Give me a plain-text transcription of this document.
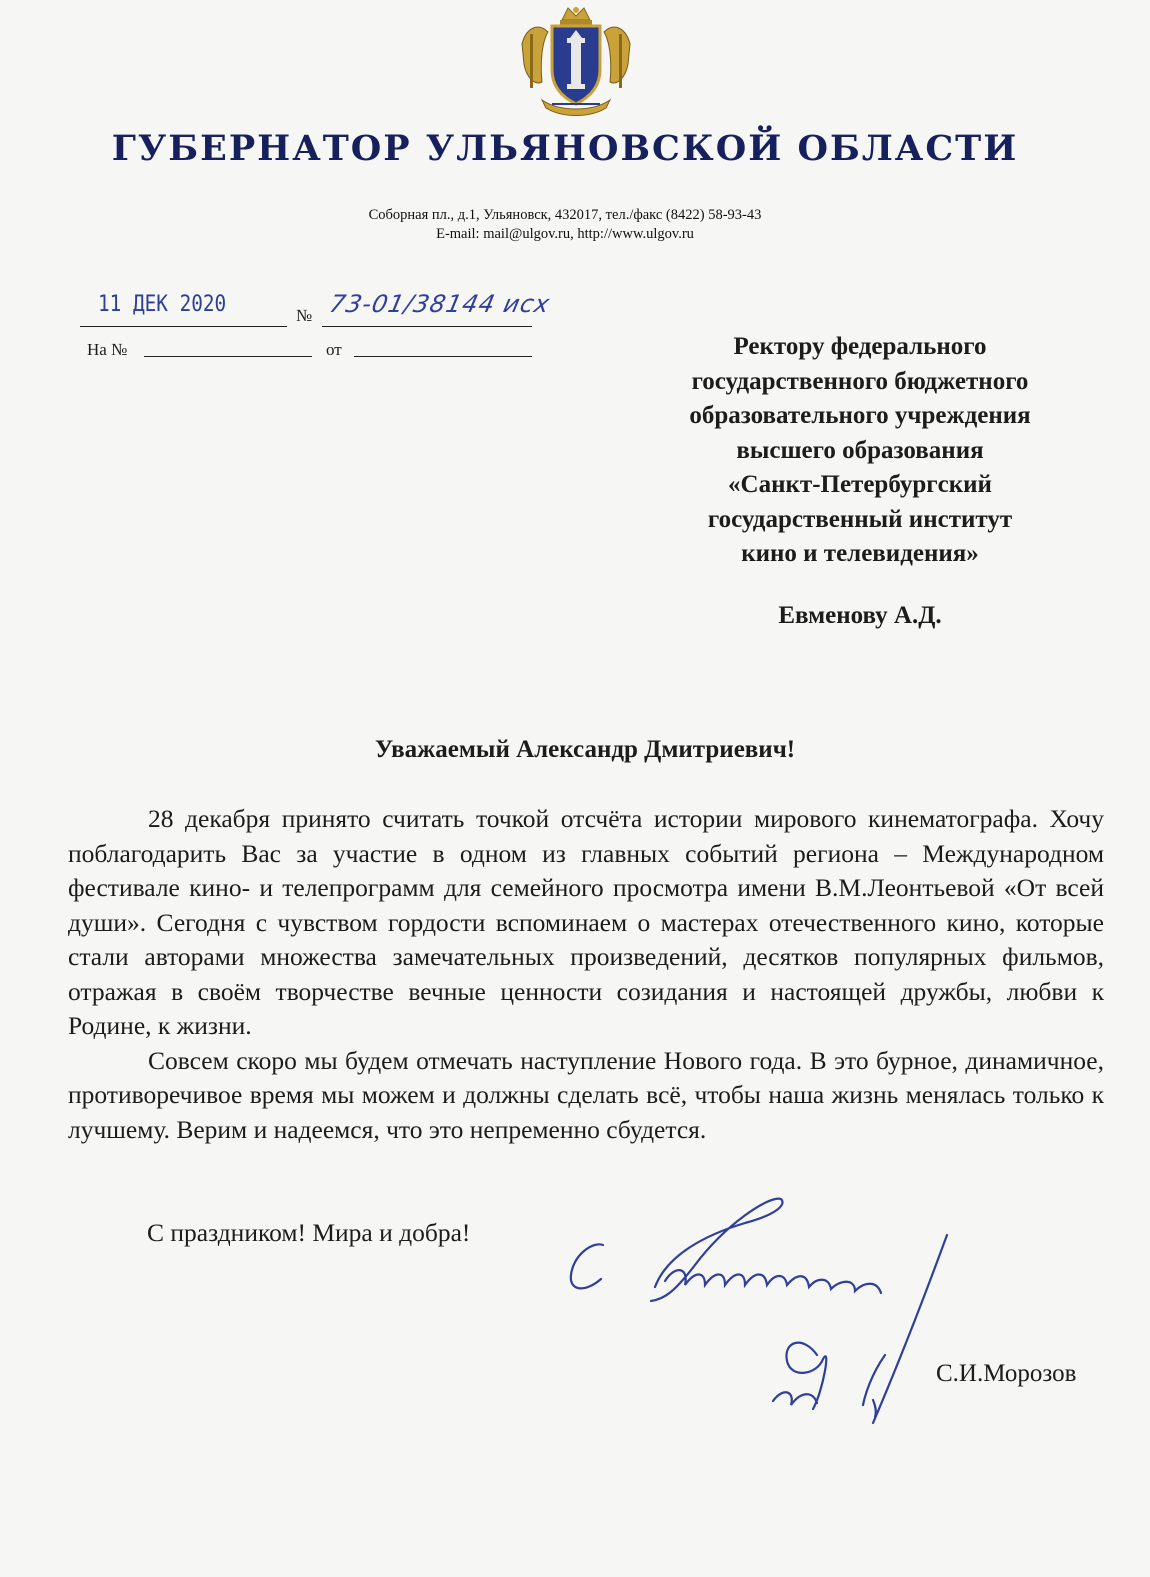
ГУБЕРНАТОР УЛЬЯНОВСКОЙ ОБЛАСТИ
Соборная пл., д.1, Ульяновск, 432017, тел./факс (8422) 58-93-43
E-mail: mail@ulgov.ru, http://www.ulgov.ru
11 ДЕК 2020	№ 73-01/38144 исх
На №	от	Ректору федерального
государственного бюджетного
образовательного учреждения
высшего образования
«Санкт-Петербургский
государственный институт
кино и телевидения»
Евменову А.Д.
Уважаемый Александр Дмитриевич!

28 декабря принято считать точкой отсчёта истории мирового кинематографа. Хочу поблагодарить Вас за участие в одном из главных событий региона – Международном фестивале кино- и телепрограмм для семейного просмотра имени В.М.Леонтьевой «От всей души». Сегодня с чувством гордости вспоминаем о мастерах отечественного кино, которые стали авторами множества замечательных произведений, десятков популярных фильмов, отражая в своём творчестве вечные ценности созидания и настоящей дружбы, любви к Родине, к жизни.

Совсем скоро мы будем отмечать наступление Нового года. В это бурное, динамичное, противоречивое время мы можем и должны сделать всё, чтобы наша жизнь менялась только к лучшему. Верим и надеемся, что это непременно сбудется.

С праздником! Мира и добра!
С.И.Морозов
